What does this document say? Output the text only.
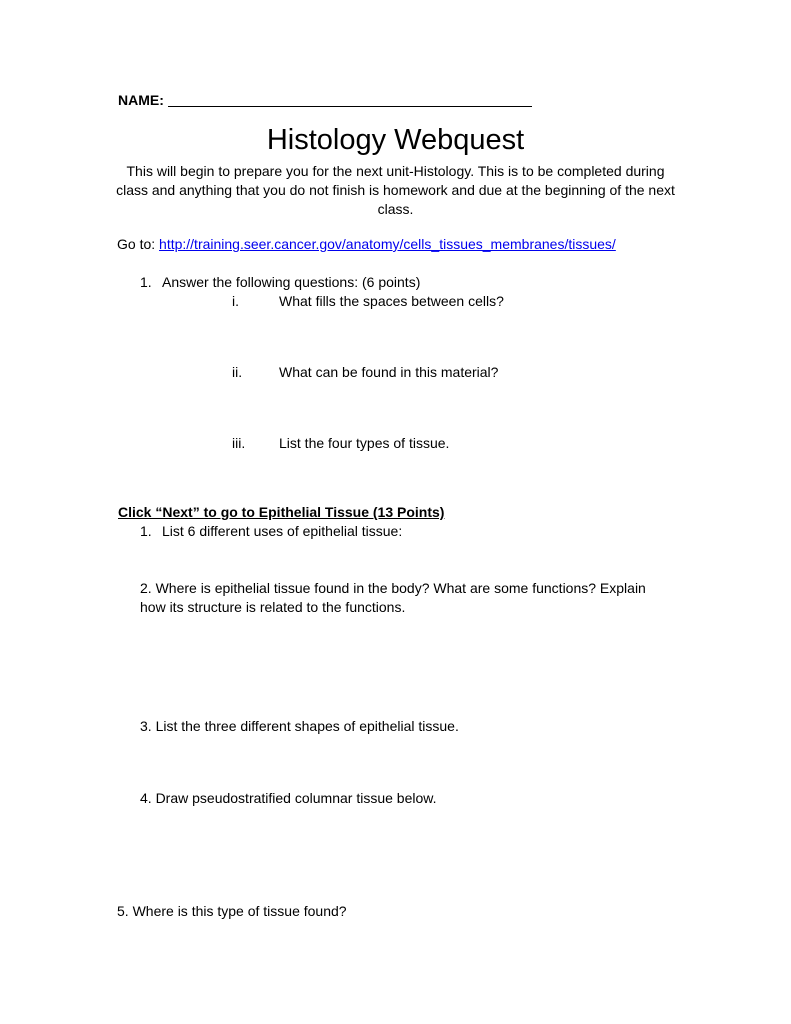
NAME:
Histology Webquest
This will begin to prepare you for the next unit-Histology. This is to be completed during class and anything that you do not finish is homework and due at the beginning of the next class.
Go to: http://training.seer.cancer.gov/anatomy/cells_tissues_membranes/tissues/
1. Answer the following questions: (6 points)
i.	What fills the spaces between cells?
ii.	What can be found in this material?
iii. List the four types of tissue.
Click “Next” to go to Epithelial Tissue (13 Points)
1. List 6 different uses of epithelial tissue:
2. Where is epithelial tissue found in the body? What are some functions? Explain
how its structure is related to the functions.
3. List the three different shapes of epithelial tissue.
4. Draw pseudostratified columnar tissue below.
5. Where is this type of tissue found?
